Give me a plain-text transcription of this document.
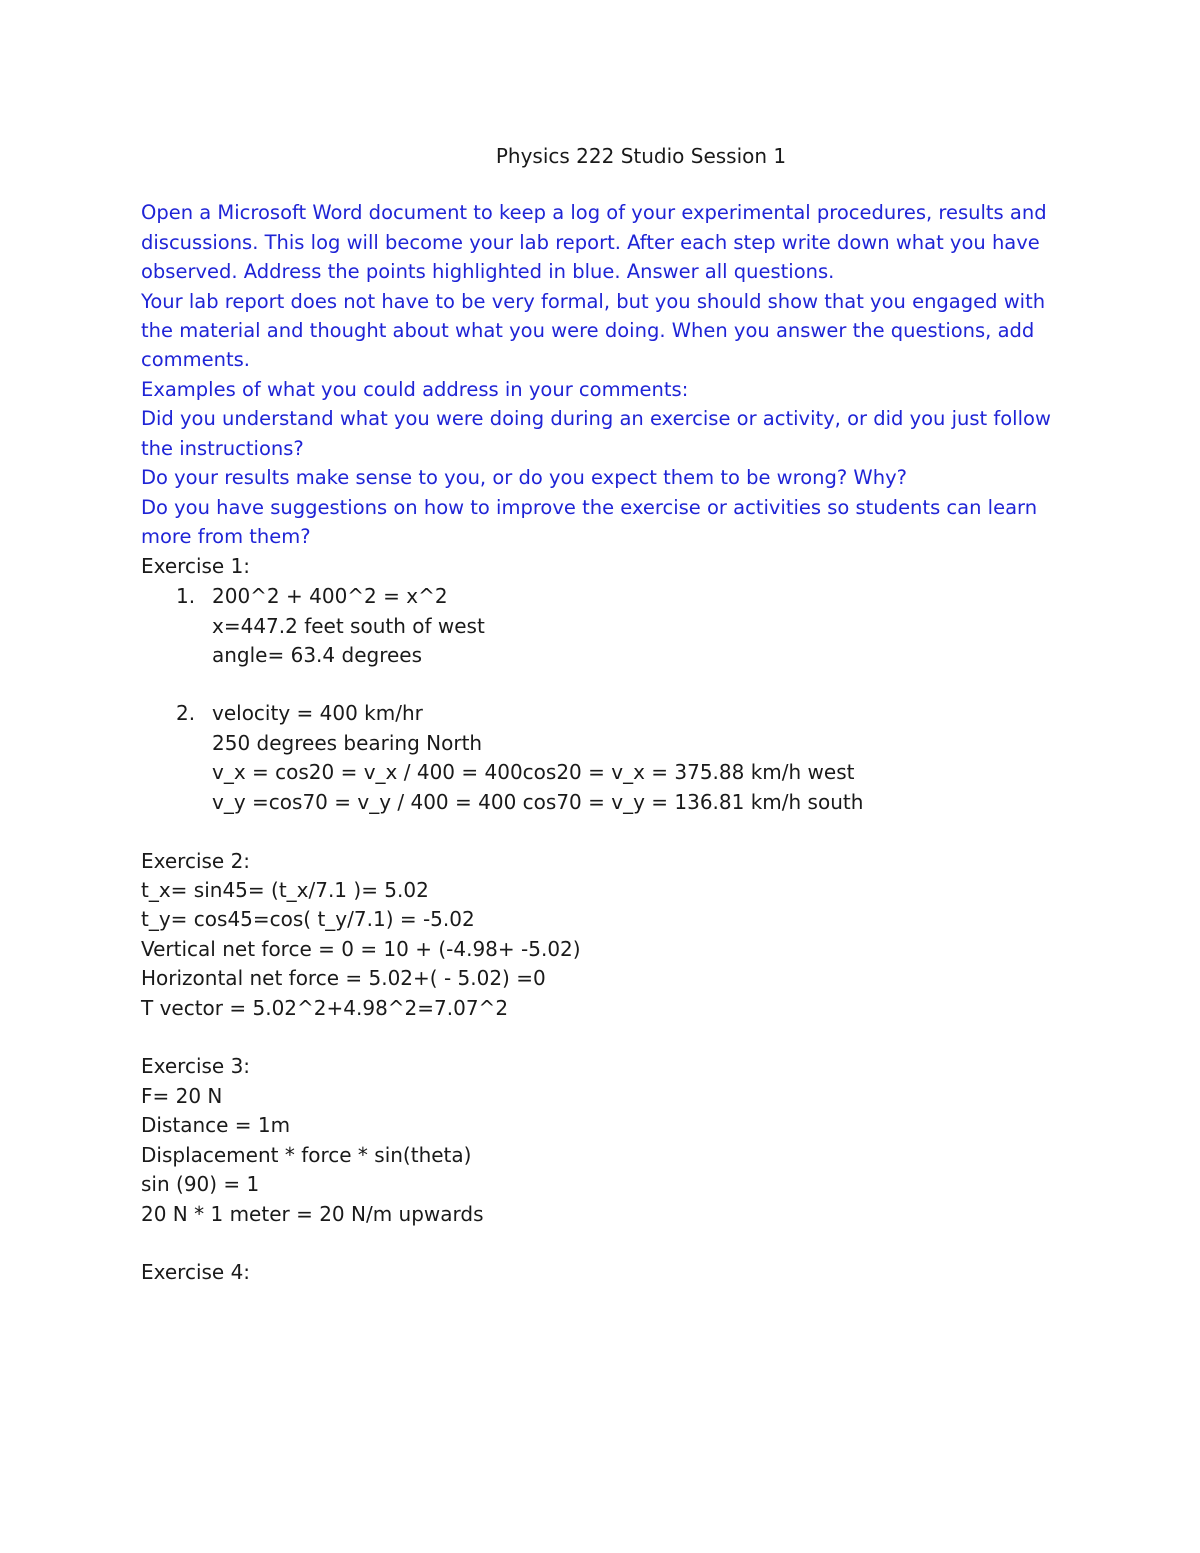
Physics 222 Studio Session 1
Open a Microsoft Word document to keep a log of your experimental procedures, results and
discussions. This log will become your lab report. After each step write down what you have
observed. Address the points highlighted in blue. Answer all questions.
Your lab report does not have to be very formal, but you should show that you engaged with
the material and thought about what you were doing. When you answer the questions, add
comments.
Examples of what you could address in your comments:
Did you understand what you were doing during an exercise or activity, or did you just follow
the instructions?
Do your results make sense to you, or do you expect them to be wrong? Why?
Do you have suggestions on how to improve the exercise or activities so students can learn
more from them?
Exercise 1:
1. 200^2 + 400^2 = x^2
x=447.2 feet south of west
angle= 63.4 degrees
2. velocity = 400 km/hr
250 degrees bearing North
v_x = cos20 = v_x / 400 = 400cos20 = v_x = 375.88 km/h west
v_y =cos70 = v_y / 400 = 400 cos70 = v_y = 136.81 km/h south
Exercise 2:
t_x= sin45= (t_x/7.1 )= 5.02
t_y= cos45=cos( t_y/7.1) = -5.02
Vertical net force = 0 = 10 + (-4.98+ -5.02)
Horizontal net force = 5.02+( - 5.02) =0
T vector = 5.02^2+4.98^2=7.07^2
Exercise 3:
F= 20 N
Distance = 1m
Displacement * force * sin(theta)
sin (90) = 1
20 N * 1 meter = 20 N/m upwards
Exercise 4:
